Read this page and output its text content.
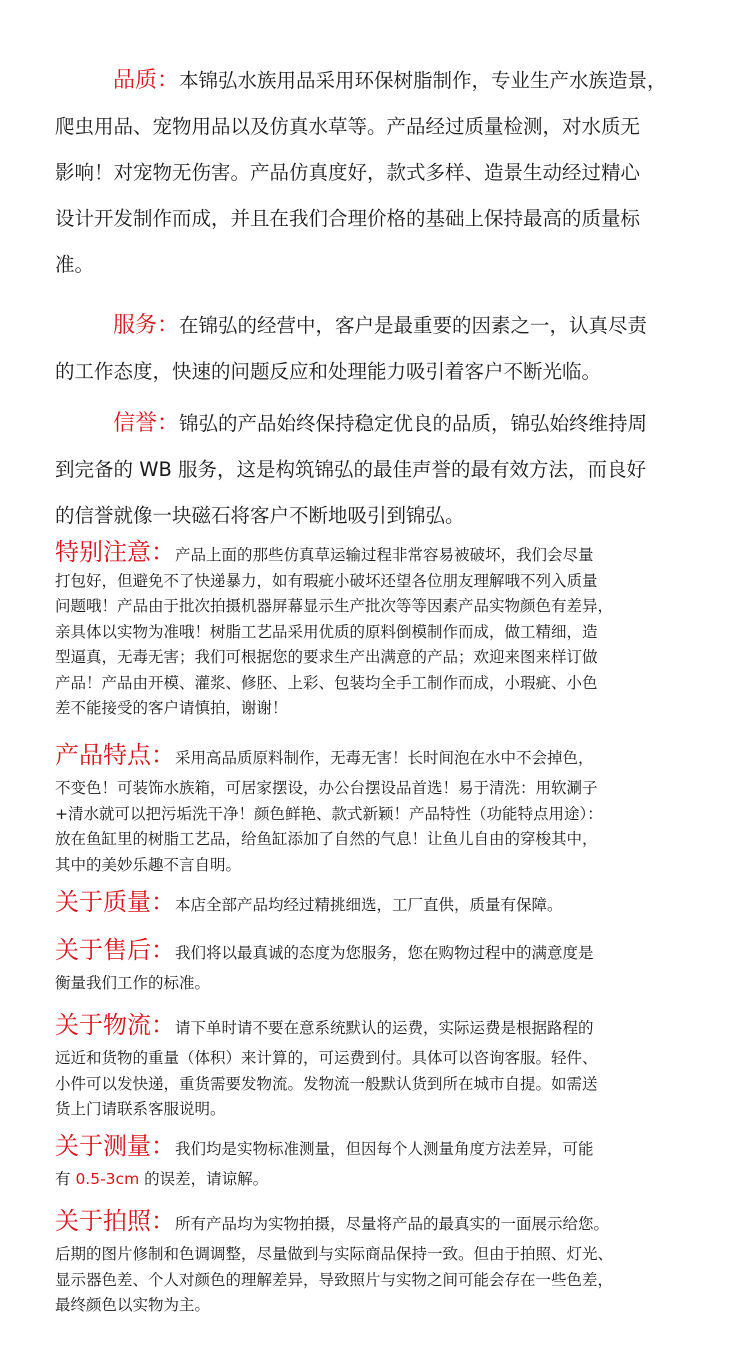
品质：本锦弘水族用品采用环保树脂制作，专业生产水族造景，

爬虫用品、宠物用品以及仿真水草等。产品经过质量检测，对水质无

影响！对宠物无伤害。产品仿真度好，款式多样、造景生动经过精心

设计开发制作而成，并且在我们合理价格的基础上保持最高的质量标

准。

服务：在锦弘的经营中，客户是最重要的因素之一，认真尽责

的工作态度，快速的问题反应和处理能力吸引着客户不断光临。

信誉：锦弘的产品始终保持稳定优良的品质，锦弘始终维持周

到完备的 WB 服务，这是构筑锦弘的最佳声誉的最有效方法，而良好

的信誉就像一块磁石将客户不断地吸引到锦弘。

特别注意：产品上面的那些仿真草运输过程非常容易被破坏，我们会尽量

打包好，但避免不了快递暴力，如有瑕疵小破坏还望各位朋友理解哦不列入质量

问题哦！产品由于批次拍摄机器屏幕显示生产批次等等因素产品实物颜色有差异，

亲具体以实物为准哦！树脂工艺品采用优质的原料倒模制作而成，做工精细，造

型逼真，无毒无害；我们可根据您的要求生产出满意的产品；欢迎来图来样订做

产品！产品由开模、灌浆、修胚、上彩、包装均全手工制作而成，小瑕疵、小色

差不能接受的客户请慎拍，谢谢！

产品特点：采用高品质原料制作，无毒无害！长时间泡在水中不会掉色，

不变色！可装饰水族箱，可居家摆设，办公台摆设品首选！易于清洗：用软涮子

+清水就可以把污垢洗干净！颜色鲜艳、款式新颖！产品特性（功能特点用途）：

放在鱼缸里的树脂工艺品，给鱼缸添加了自然的气息！让鱼儿自由的穿梭其中，

其中的美妙乐趣不言自明。

关于质量：本店全部产品均经过精挑细选，工厂直供，质量有保障。

关于售后：我们将以最真诚的态度为您服务，您在购物过程中的满意度是

衡量我们工作的标准。

关于物流：请下单时请不要在意系统默认的运费，实际运费是根据路程的

远近和货物的重量（体积）来计算的，可运费到付。具体可以咨询客服。轻件、

小件可以发快递，重货需要发物流。发物流一般默认货到所在城市自提。如需送

货上门请联系客服说明。

关于测量：我们均是实物标准测量，但因每个人测量角度方法差异，可能

有 0.5-3cm 的误差，请谅解。

关于拍照：所有产品均为实物拍摄，尽量将产品的最真实的一面展示给您。

后期的图片修制和色调调整，尽量做到与实际商品保持一致。但由于拍照、灯光、

显示器色差、个人对颜色的理解差异，导致照片与实物之间可能会存在一些色差，

最终颜色以实物为主。
